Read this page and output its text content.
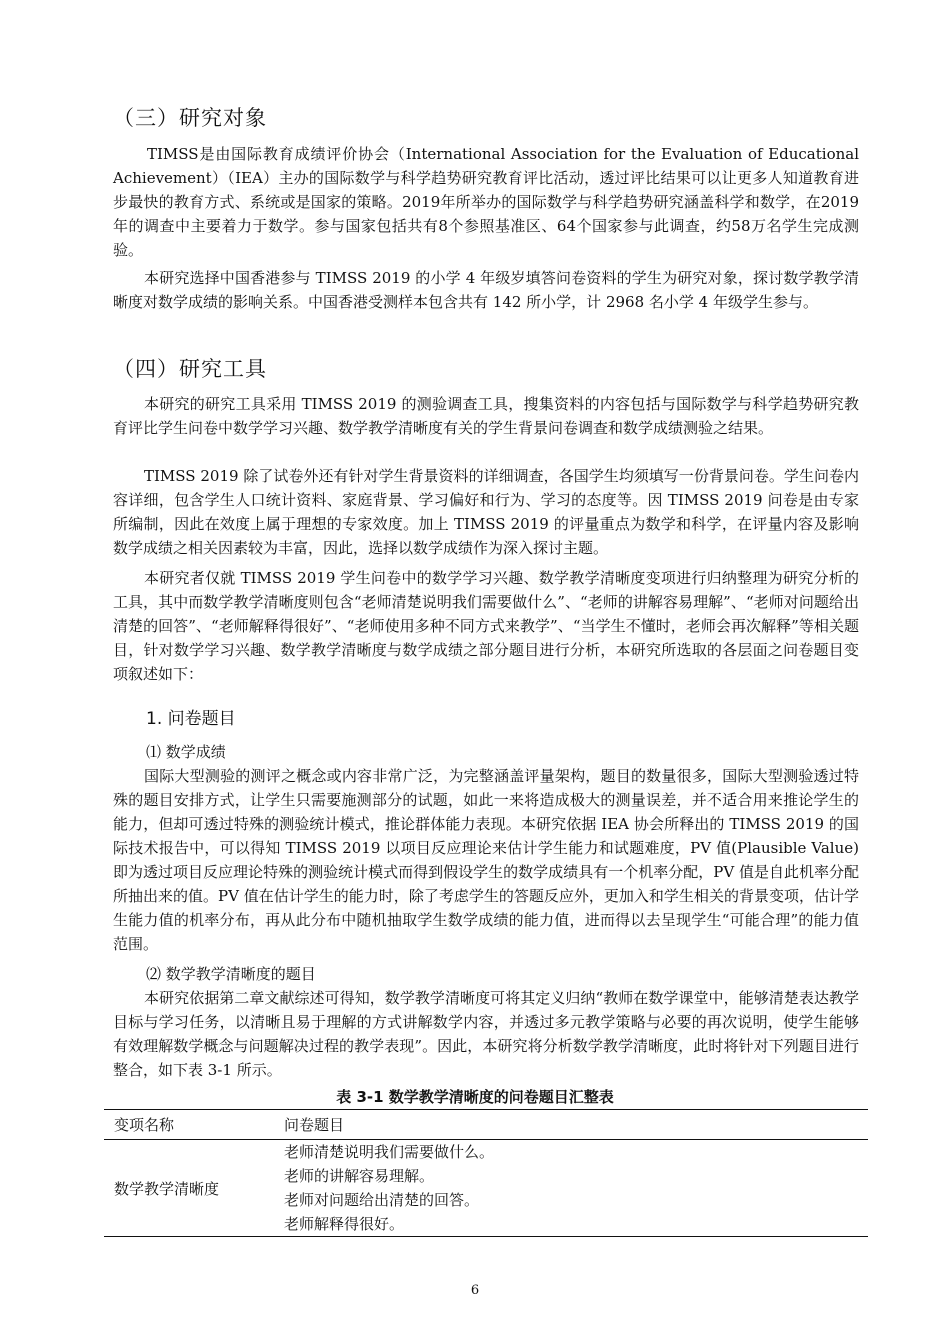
（三）研究对象
TIMSS是由国际教育成绩评价协会（International Association for the Evaluation of Educational Achievement）（IEA）主办的国际数学与科学趋势研究教育评比活动，透过评比结果可以让更多人知道教育进步最快的教育方式、系统或是国家的策略。2019年所举办的国际数学与科学趋势研究涵盖科学和数学，在2019年的调查中主要着力于数学。参与国家包括共有8个参照基准区、64个国家参与此调查，约58万名学生完成测验。
本研究选择中国香港参与 TIMSS 2019 的小学 4 年级岁填答问卷资料的学生为研究对象，探讨数学教学清晰度对数学成绩的影响关系。中国香港受测样本包含共有 142 所小学，计 2968 名小学 4 年级学生参与。
（四）研究工具
本研究的研究工具采用 TIMSS 2019 的测验调查工具，搜集资料的内容包括与国际数学与科学趋势研究教育评比学生问卷中数学学习兴趣、数学教学清晰度有关的学生背景问卷调查和数学成绩测验之结果。
TIMSS 2019 除了试卷外还有针对学生背景资料的详细调查，各国学生均须填写一份背景问卷。学生问卷内容详细，包含学生人口统计资料、家庭背景、学习偏好和行为、学习的态度等。因 TIMSS 2019 问卷是由专家所编制，因此在效度上属于理想的专家效度。加上 TIMSS 2019 的评量重点为数学和科学，在评量内容及影响数学成绩之相关因素较为丰富，因此，选择以数学成绩作为深入探讨主题。
本研究者仅就 TIMSS 2019 学生问卷中的数学学习兴趣、数学教学清晰度变项进行归纳整理为研究分析的工具，其中而数学教学清晰度则包含“老师清楚说明我们需要做什么”、“老师的讲解容易理解”、“老师对问题给出清楚的回答”、“老师解释得很好”、“老师使用多种不同方式来教学”、“当学生不懂时，老师会再次解释”等相关题目，针对数学学习兴趣、数学教学清晰度与数学成绩之部分题目进行分析，本研究所选取的各层面之问卷题目变项叙述如下：
1. 问卷题目
⑴ 数学成绩
国际大型测验的测评之概念或内容非常广泛，为完整涵盖评量架构，题目的数量很多，国际大型测验透过特殊的题目安排方式，让学生只需要施测部分的试题，如此一来将造成极大的测量误差，并不适合用来推论学生的能力，但却可透过特殊的测验统计模式，推论群体能力表现。本研究依据 IEA 协会所释出的 TIMSS 2019 的国际技术报告中，可以得知 TIMSS 2019 以项目反应理论来估计学生能力和试题难度，PV 值(Plausible Value)即为透过项目反应理论特殊的测验统计模式而得到假设学生的数学成绩具有一个机率分配，PV 值是自此机率分配所抽出来的值。PV 值在估计学生的能力时，除了考虑学生的答题反应外，更加入和学生相关的背景变项，估计学生能力值的机率分布，再从此分布中随机抽取学生数学成绩的能力值，进而得以去呈现学生“可能合理”的能力值范围。
⑵ 数学教学清晰度的题目
本研究依据第二章文献综述可得知，数学教学清晰度可将其定义归纳“教师在数学课堂中，能够清楚表达教学目标与学习任务，以清晰且易于理解的方式讲解数学内容，并透过多元教学策略与必要的再次说明，使学生能够有效理解数学概念与问题解决过程的教学表现”。因此，本研究将分析数学教学清晰度，此时将针对下列题目进行整合，如下表 3-1 所示。
表 3-1 数学教学清晰度的问卷题目汇整表
变项名称	问卷题目
数学教学清晰度	老师清楚说明我们需要做什么。
老师的讲解容易理解。
老师对问题给出清楚的回答。
老师解释得很好。
6
